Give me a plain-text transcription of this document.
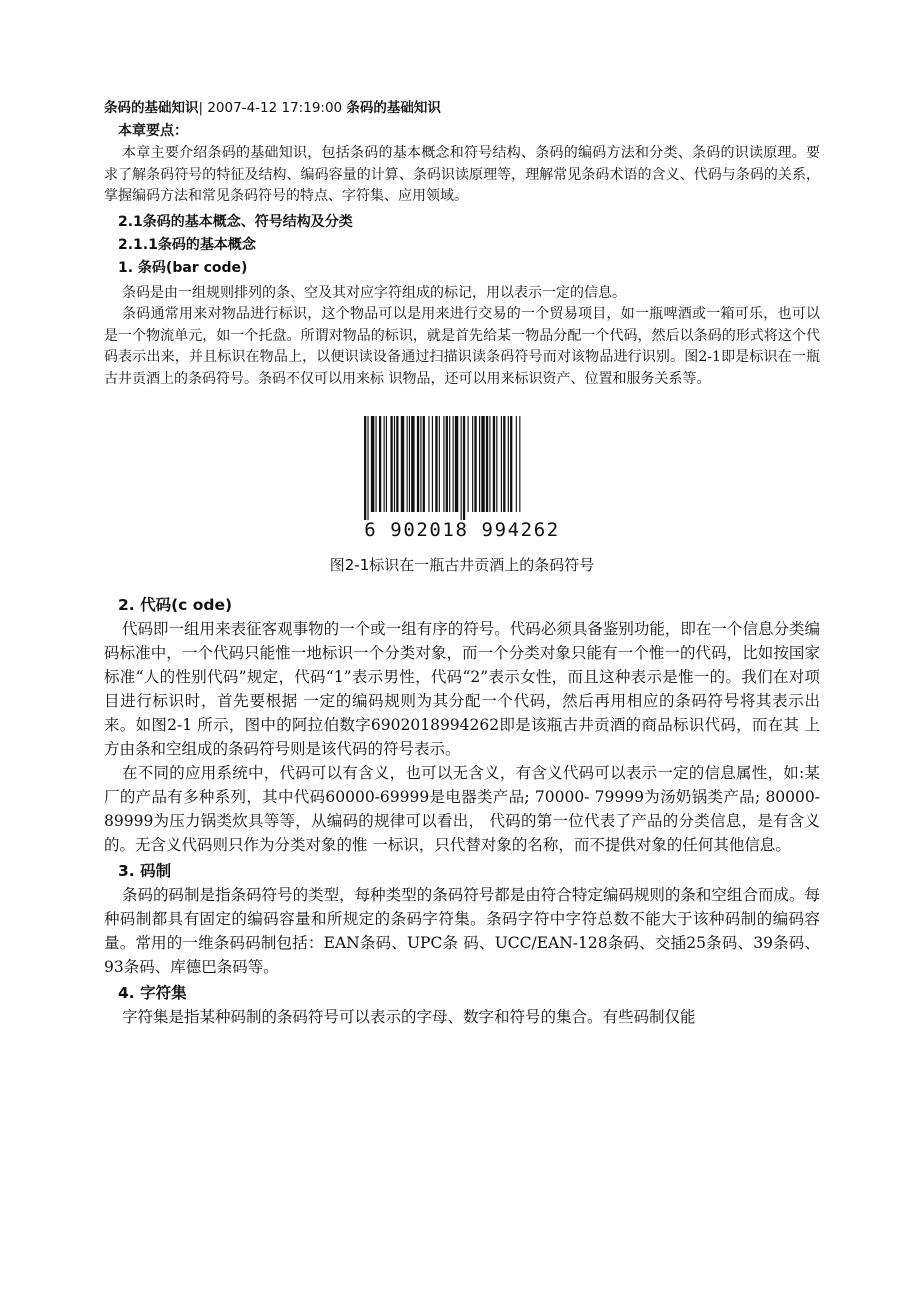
条码的基础知识| 2007-4-12 17:19:00 条码的基础知识
本章要点：

本章主要介绍条码的基础知识，包括条码的基本概念和符号结构、条码的编码方法和分类、条码的识读原理。要求了解条码符号的特征及结构、编码容量的计算、条码识读原理等，理解常见条码术语的含义、代码与条码的关系，掌握编码方法和常见条码符号的特点、字符集、应用领域。

2.1条码的基本概念、符号结构及分类
2.1.1条码的基本概念
1. 条码(bar code)

条码是由一组规则排列的条、空及其对应字符组成的标记，用以表示一定的信息。

条码通常用来对物品进行标识，这个物品可以是用来进行交易的一个贸易项目，如一瓶啤酒或一箱可乐，也可以是一个物流单元，如一个托盘。所谓对物品的标识，就是首先给某一物品分配一个代码，然后以条码的形式将这个代码表示出来，并且标识在物品上，以便识读设备通过扫描识读条码符号而对该物品进行识别。图2-1即是标识在一瓶古井贡酒上的条码符号。条码不仅可以用来标 识物品，还可以用来标识资产、位置和服务关系等。

6 902018 994262
图2-1标识在一瓶古井贡酒上的条码符号
2. 代码(c ode)

代码即一组用来表征客观事物的一个或一组有序的符号。代码必须具备鉴别功能，即在一个信息分类编码标准中，一个代码只能惟一地标识一个分类对象，而一个分类对象只能有一个惟一的代码，比如按国家标准“人的性别代码”规定，代码“1”表示男性，代码“2”表示女性，而且这种表示是惟一的。我们在对项目进行标识时，首先要根据 一定的编码规则为其分配一个代码，然后再用相应的条码符号将其表示出来。如图2-1 所示，图中的阿拉伯数字6902018994262即是该瓶古井贡酒的商品标识代码，而在其 上方由条和空组成的条码符号则是该代码的符号表示。

在不同的应用系统中，代码可以有含义，也可以无含义，有含义代码可以表示一定的信息属性，如:某厂的产品有多种系列，其中代码60000-69999是电器类产品; 70000- 79999为汤奶锅类产品; 80000-89999为压力锅类炊具等等，从编码的规律可以看出， 代码的第一位代表了产品的分类信息，是有含义的。无含义代码则只作为分类对象的惟 一标识，只代替对象的名称，而不提供对象的任何其他信息。

3. 码制

条码的码制是指条码符号的类型，每种类型的条码符号都是由符合特定编码规则的条和空组合而成。每种码制都具有固定的编码容量和所规定的条码字符集。条码字符中字符总数不能大于该种码制的编码容量。常用的一维条码码制包括：EAN条码、UPC条 码、UCC/EAN-128条码、交插25条码、39条码、93条码、库德巴条码等。

4. 字符集

字符集是指某种码制的条码符号可以表示的字母、数字和符号的集合。有些码制仅能
